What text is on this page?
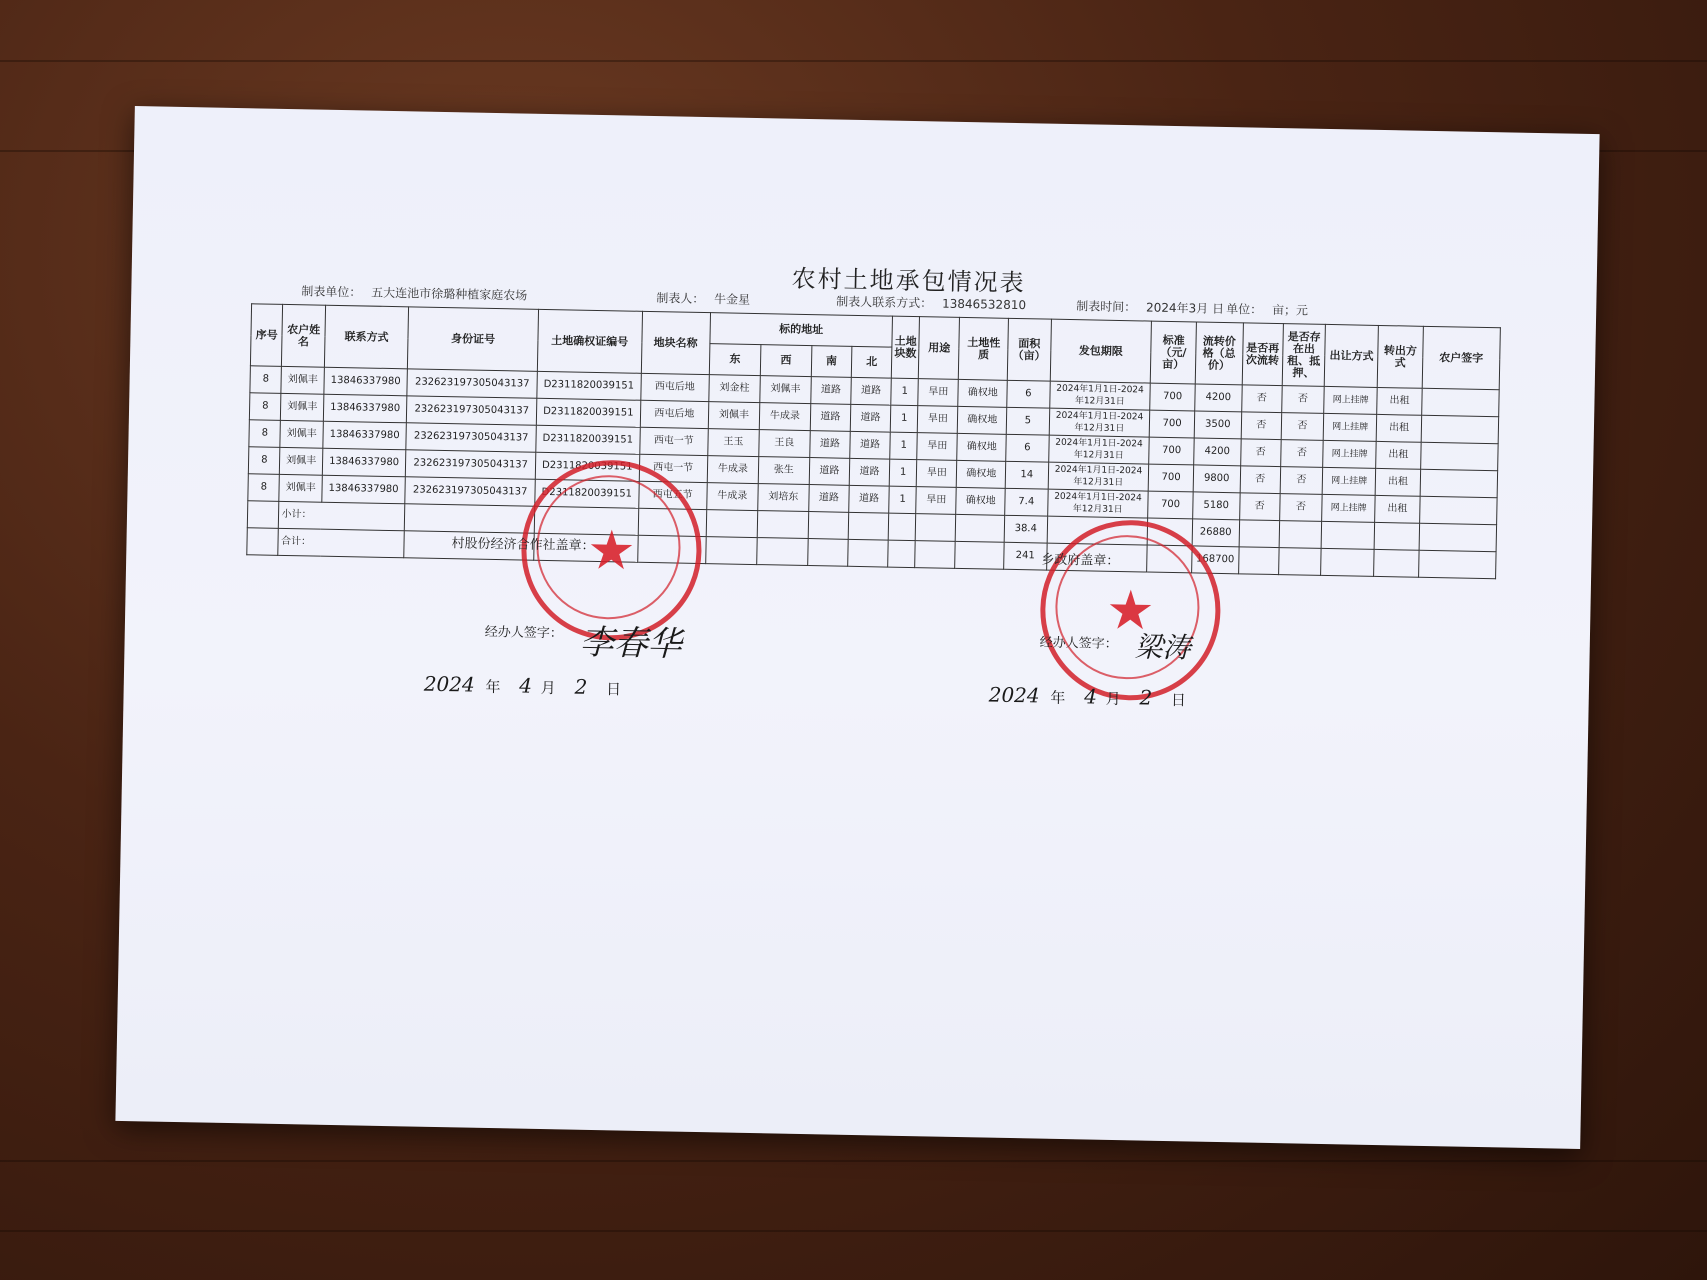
农村土地承包情况表
制表单位： 五大连池市徐璐种植家庭农场	制表人： 牛金星	制表人联系方式： 13846532810	制表时间： 2024年3月 日 单位： 亩；元
序号	农户姓名	联系方式	身份证号	土地确权证编号	地块名称	标的地址				土地块数	用途	土地性质	面积（亩）	发包期限	标准（元/亩）	流转价格（总价）	是否再次流转	是否存在出租、抵押、	出让方式	转出方式	农户签字
						东	西	南	北												
8	刘佩丰	13846337980	232623197305043137	D2311820039151	西屯后地	刘金柱	刘佩丰	道路	道路	1	旱田	确权地	6	2024年1月1日-2024年12月31日	700	4200	否	否	网上挂牌	出租	
8	刘佩丰	13846337980	232623197305043137	D2311820039151	西屯后地	刘佩丰	牛成录	道路	道路	1	旱田	确权地	5	2024年1月1日-2024年12月31日	700	3500	否	否	网上挂牌	出租	
8	刘佩丰	13846337980	232623197305043137	D2311820039151	西屯一节	王玉	王良	道路	道路	1	旱田	确权地	6	2024年1月1日-2024年12月31日	700	4200	否	否	网上挂牌	出租	
8	刘佩丰	13846337980	232623197305043137	D2311820039151	西屯一节	牛成录	张生	道路	道路	1	旱田	确权地	14	2024年1月1日-2024年12月31日	700	9800	否	否	网上挂牌	出租	
8	刘佩丰	13846337980	232623197305043137	D2311820039151	西屯五节	牛成录	刘培东	道路	道路	1	旱田	确权地	7.4	2024年1月1日-2024年12月31日	700	5180	否	否	网上挂牌	出租	
	小计：												38.4			26880					
	合计：												241			168700					
★
★
村股份经济合作社盖章：
乡政府盖章：
经办人签字： 李春华	经办人签字： 梁涛
2024 年 4 月 2 日	2024 年 4 月 2 日
